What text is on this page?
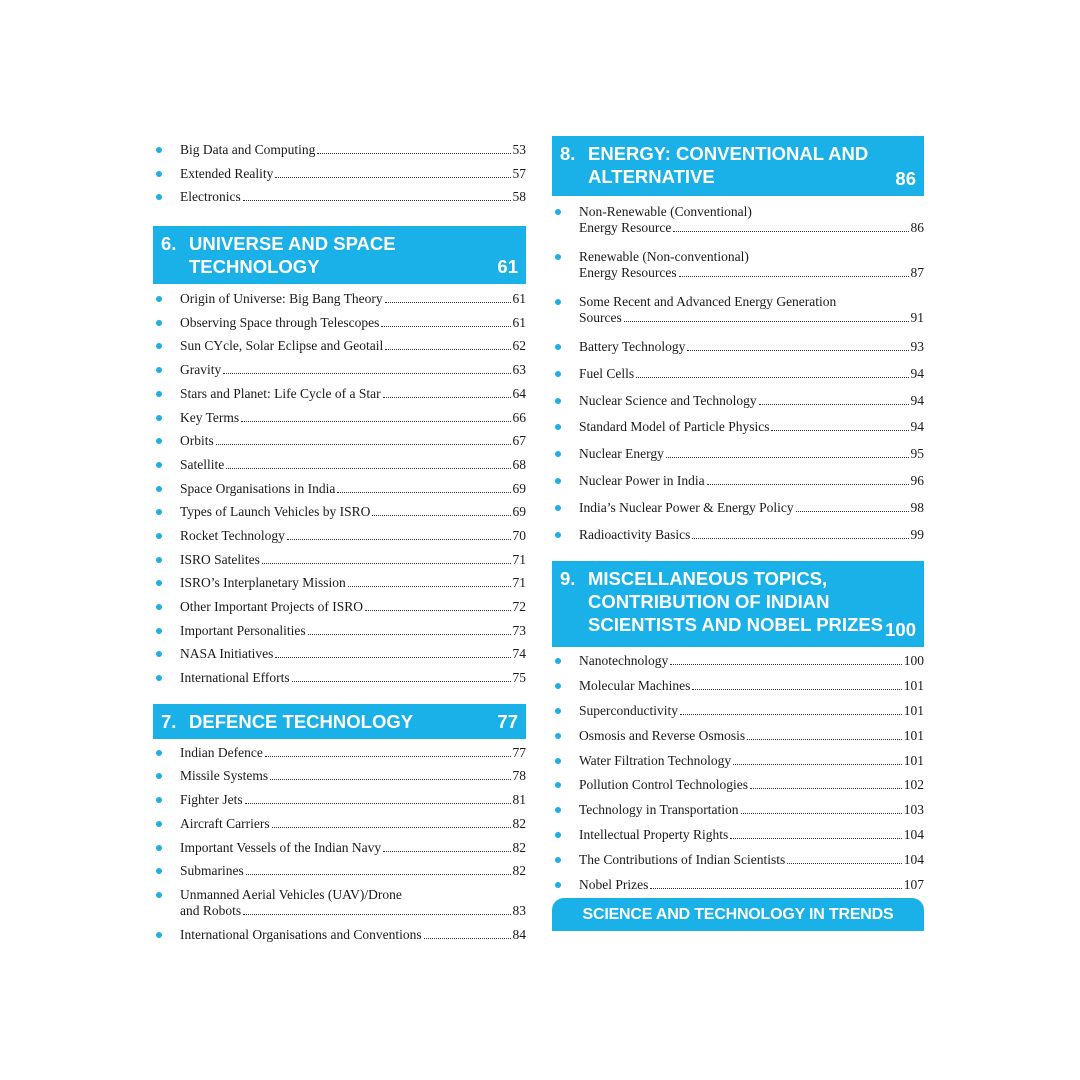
Big Data and Computing	53
Extended Reality	57
Electronics	58
6. UNIVERSE AND SPACE
TECHNOLOGY	61
Origin of Universe: Big Bang Theory	61
Observing Space through Telescopes	61
Sun CYcle, Solar Eclipse and Geotail	62
Gravity	63
Stars and Planet: Life Cycle of a Star	64
Key Terms	66
Orbits	67
Satellite	68
Space Organisations in India	69
Types of Launch Vehicles by ISRO	69
Rocket Technology	70
ISRO Satelites	71
ISRO’s Interplanetary Mission	71
Other Important Projects of ISRO	72
Important Personalities	73
NASA Initiatives	74
International Efforts	75
7. DEFENCE TECHNOLOGY	77
Indian Defence	77
Missile Systems	78
Fighter Jets	81
Aircraft Carriers	82
Important Vessels of the Indian Navy	82
Submarines	82
Unmanned Aerial Vehicles (UAV)/Drone
and Robots	83
International Organisations and Conventions	84
8. ENERGY: CONVENTIONAL AND
ALTERNATIVE	86
Non-Renewable (Conventional)
Energy Resource	86
Renewable (Non-conventional)
Energy Resources	87
Some Recent and Advanced Energy Generation
Sources	91
Battery Technology	93
Fuel Cells	94
Nuclear Science and Technology	94
Standard Model of Particle Physics	94
Nuclear Energy	95
Nuclear Power in India	96
India’s Nuclear Power & Energy Policy	98
Radioactivity Basics	99
9. MISCELLANEOUS TOPICS,
CONTRIBUTION OF INDIAN
SCIENTISTS AND NOBEL PRIZES 100
Nanotechnology	100
Molecular Machines	101
Superconductivity	101
Osmosis and Reverse Osmosis	101
Water Filtration Technology	101
Pollution Control Technologies	102
Technology in Transportation	103
Intellectual Property Rights	104
The Contributions of Indian Scientists	104
Nobel Prizes	107
SCIENCE AND TECHNOLOGY IN TRENDS
